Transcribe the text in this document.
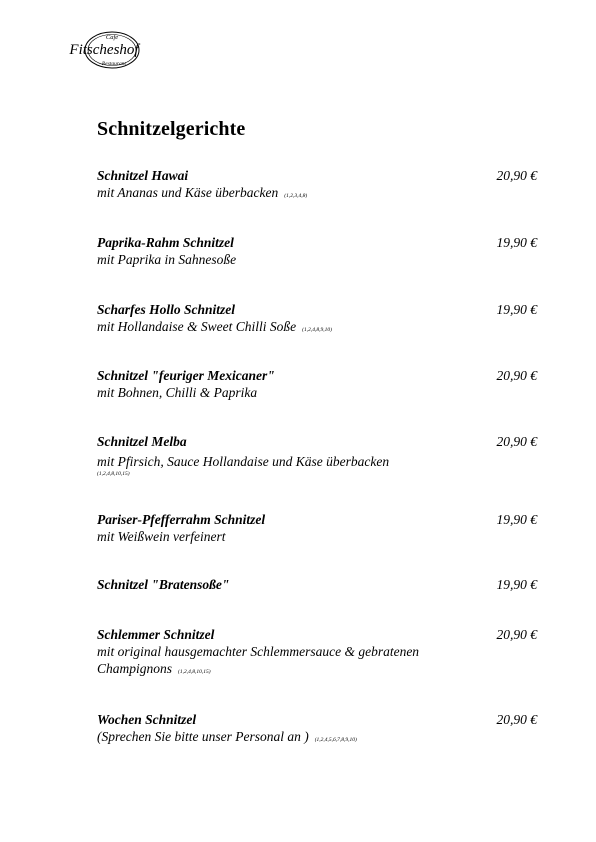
Cafe
Fitscheshof
Restaurant
Schnitzelgerichte
Schnitzel Hawai	20,90 €
mit Ananas und Käse überbacken (1,2,3,4,8)
Paprika-Rahm Schnitzel	19,90 €
mit Paprika in Sahnesoße
Scharfes Hollo Schnitzel	19,90 €
mit Hollandaise & Sweet Chilli Soße (1,2,4,8,9,10)
Schnitzel "feuriger Mexicaner"	20,90 €
mit Bohnen, Chilli & Paprika
Schnitzel Melba	20,90 €
mit Pfirsich, Sauce Hollandaise und Käse überbacken
(1,2,4,8,10,15)
Pariser-Pfefferrahm Schnitzel	19,90 €
mit Weißwein verfeinert
Schnitzel "Bratensoße"	19,90 €
Schlemmer Schnitzel	20,90 €
mit original hausgemachter Schlemmersauce & gebratenen
Champignons (1,2,4,8,10,15)
Wochen Schnitzel	20,90 €
(Sprechen Sie bitte unser Personal an ) (1,2,4,5,6,7,8,9,10)
